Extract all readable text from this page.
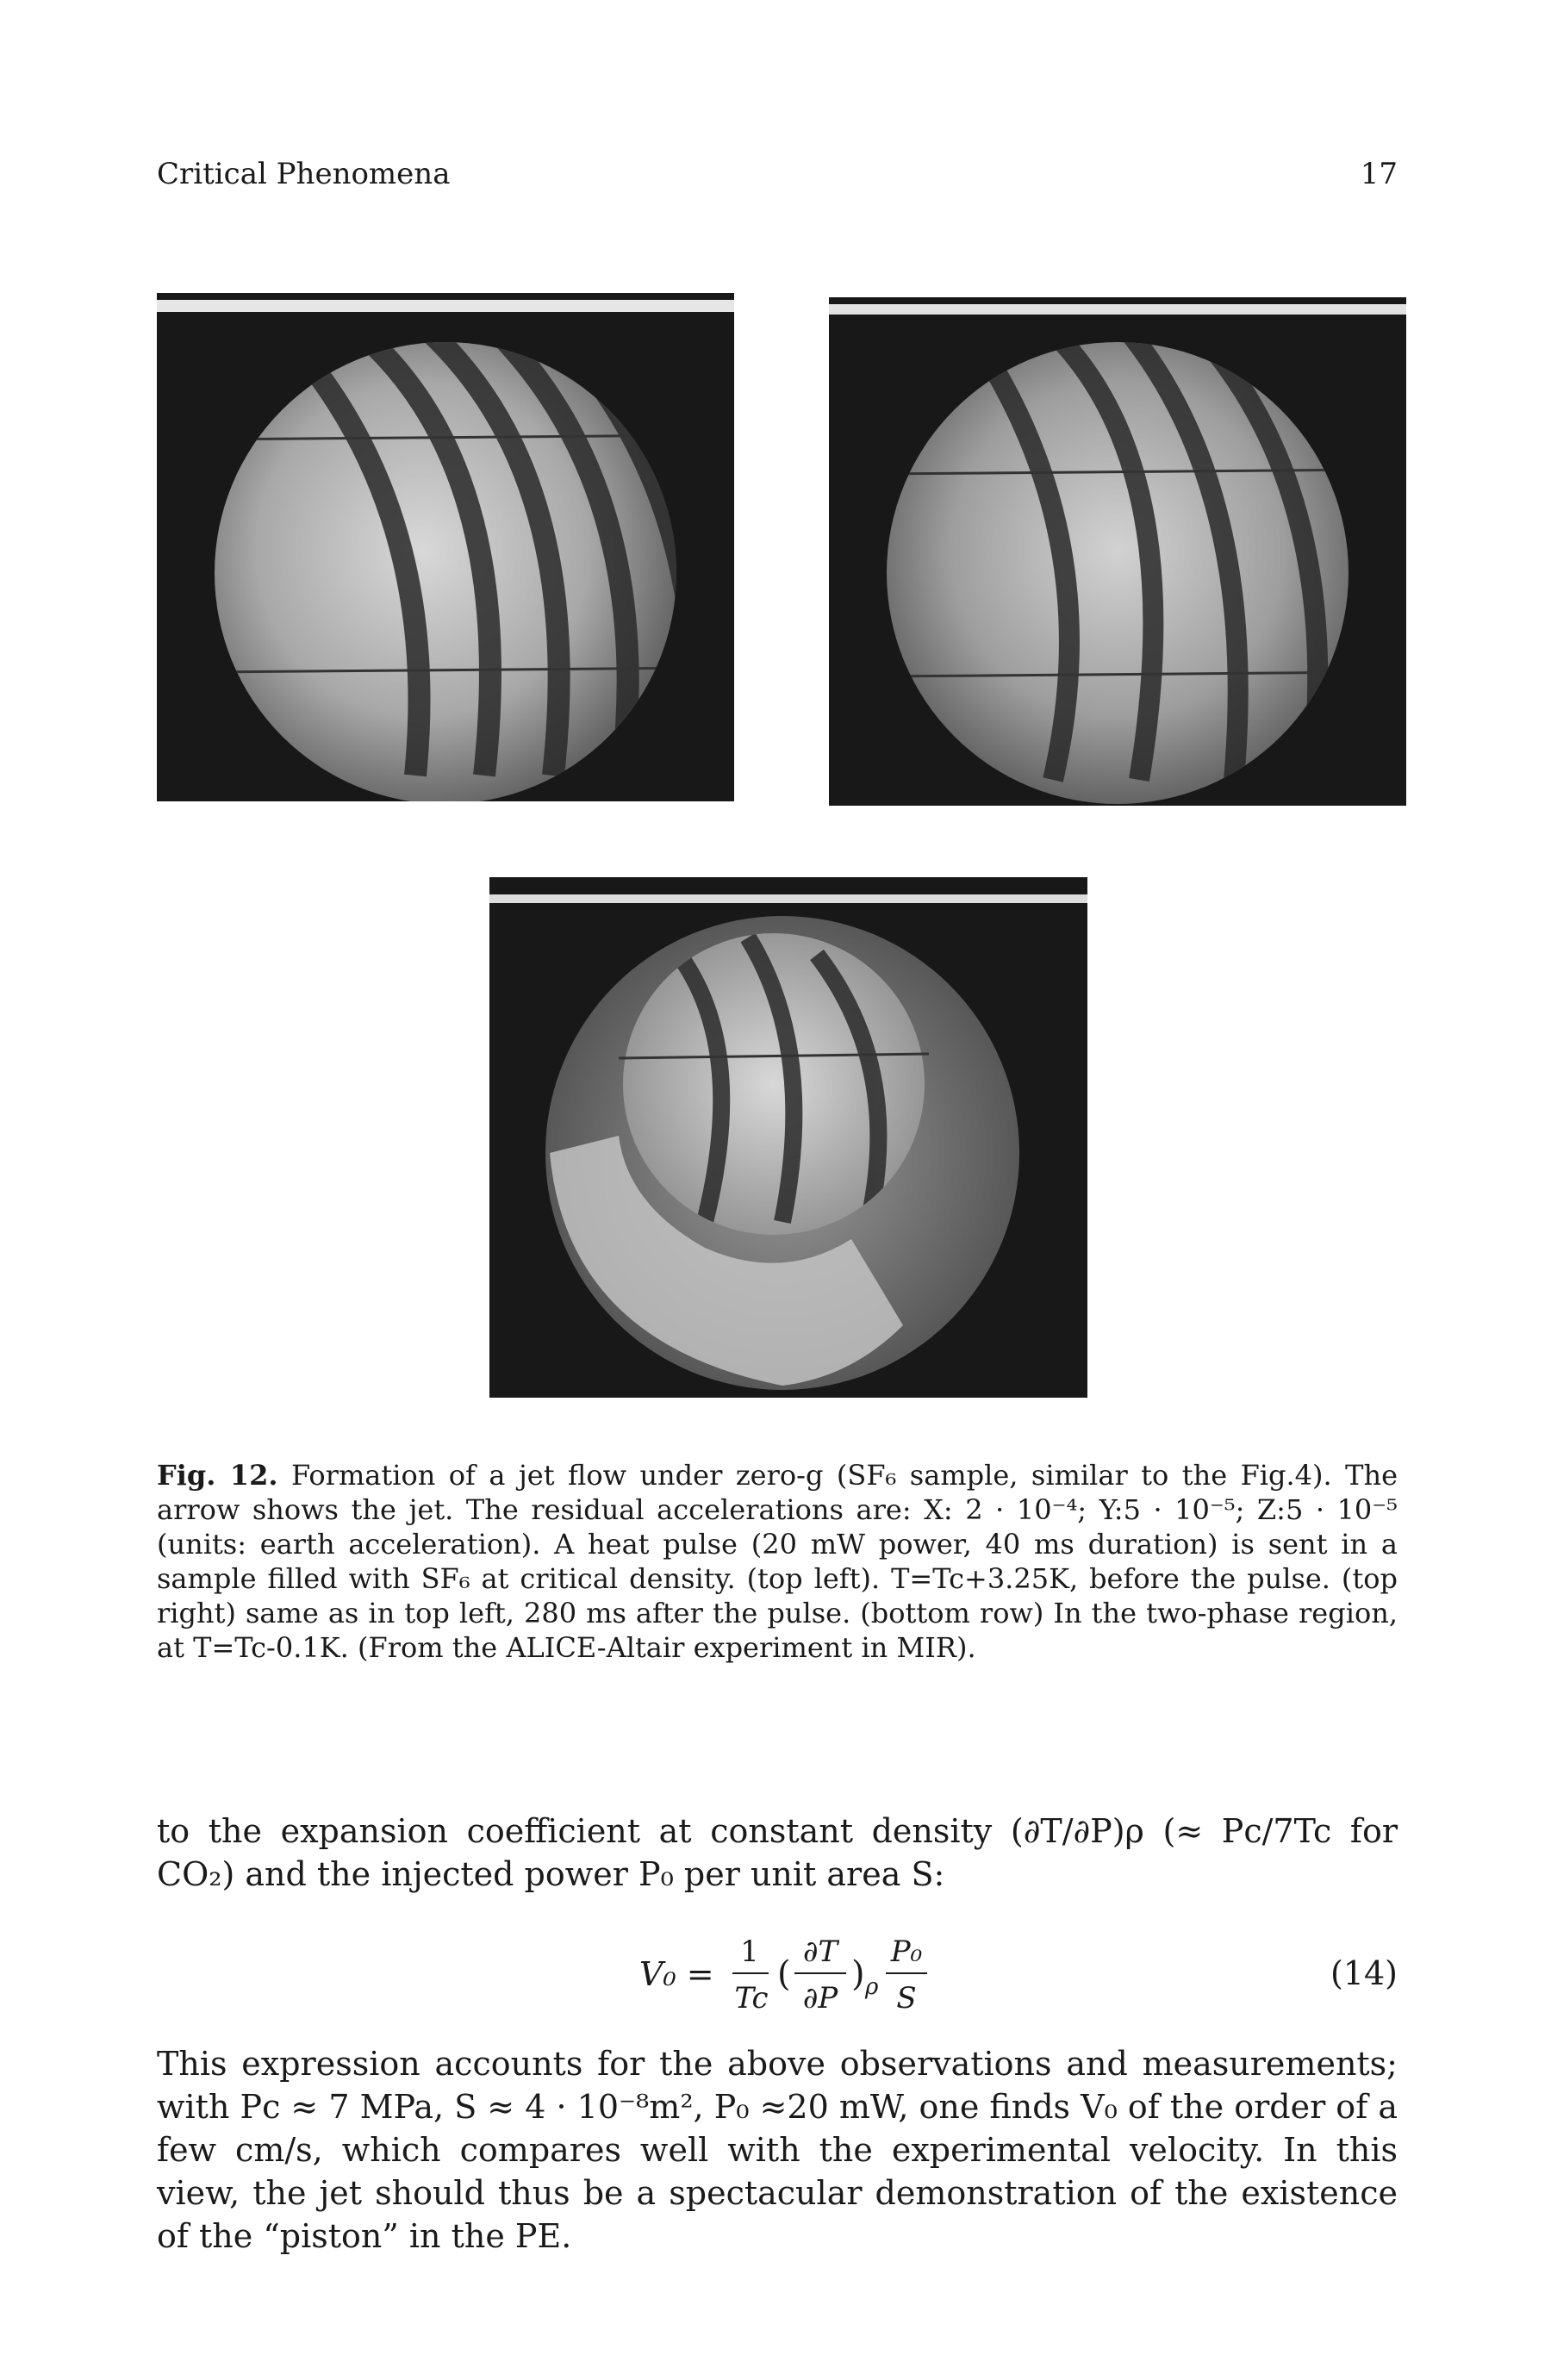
Critical Phenomena	17
Fig. 12. Formation of a jet flow under zero-g (SF₆ sample, similar to the Fig.4). The arrow shows the jet. The residual accelerations are: X: 2 · 10⁻⁴; Y:5 · 10⁻⁵; Z:5 · 10⁻⁵ (units: earth acceleration). A heat pulse (20 mW power, 40 ms duration) is sent in a sample filled with SF₆ at critical density. (top left). T=Tc+3.25K, before the pulse. (top right) same as in top left, 280 ms after the pulse. (bottom row) In the two-phase region, at T=Tc-0.1K. (From the ALICE-Altair experiment in MIR).
to the expansion coefficient at constant density (∂T/∂P)ρ (≈ Pc/7Tc for CO₂) and the injected power P₀ per unit area S:
V₀ =
1
Tc
(
∂T
∂P
) ρ
P₀
S
(14)
This expression accounts for the above observations and measurements; with Pc ≈ 7 MPa, S ≈ 4 · 10⁻⁸m², P₀ ≈20 mW, one finds V₀ of the order of a few cm/s, which compares well with the experimental velocity. In this view, the jet should thus be a spectacular demonstration of the existence of the “piston” in the PE.
